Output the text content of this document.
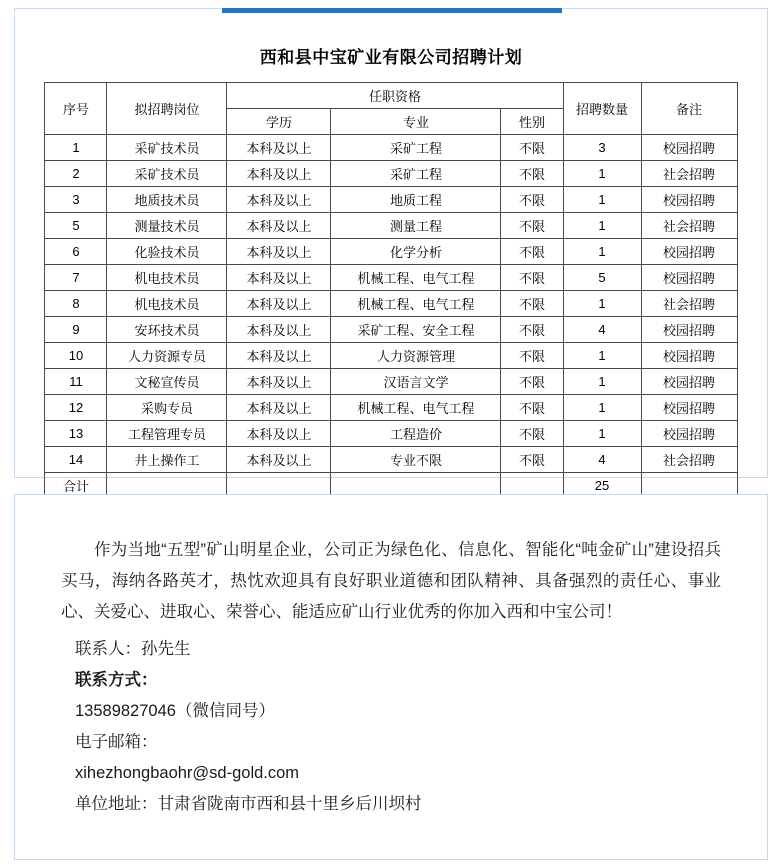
西和县中宝矿业有限公司招聘计划
序号	拟招聘岗位	任职资格			招聘数量	备注
		学历	专业	性别		
1	采矿技术员	本科及以上	采矿工程	不限	3	校园招聘
2	采矿技术员	本科及以上	采矿工程	不限	1	社会招聘
3	地质技术员	本科及以上	地质工程	不限	1	校园招聘
5	测量技术员	本科及以上	测量工程	不限	1	社会招聘
6	化验技术员	本科及以上	化学分析	不限	1	校园招聘
7	机电技术员	本科及以上	机械工程、电气工程	不限	5	校园招聘
8	机电技术员	本科及以上	机械工程、电气工程	不限	1	社会招聘
9	安环技术员	本科及以上	采矿工程、安全工程	不限	4	校园招聘
10	人力资源专员	本科及以上	人力资源管理	不限	1	校园招聘
11	文秘宣传员	本科及以上	汉语言文学	不限	1	校园招聘
12	采购专员	本科及以上	机械工程、电气工程	不限	1	校园招聘
13	工程管理专员	本科及以上	工程造价	不限	1	校园招聘
14	井上操作工	本科及以上	专业不限	不限	4	社会招聘
合计					25	

作为当地“五型”矿山明星企业，公司正为绿色化、信息化、智能化“吨金矿山”建设招兵买马，海纳各路英才，热忱欢迎具有良好职业道德和团队精神、具备强烈的责任心、事业心、关爱心、进取心、荣誉心、能适应矿山行业优秀的你加入西和中宝公司！

联系人：孙先生

联系方式：

13589827046（微信同号）

电子邮箱：

xihezhongbaohr@sd-gold.com

单位地址：甘肃省陇南市西和县十里乡后川坝村
